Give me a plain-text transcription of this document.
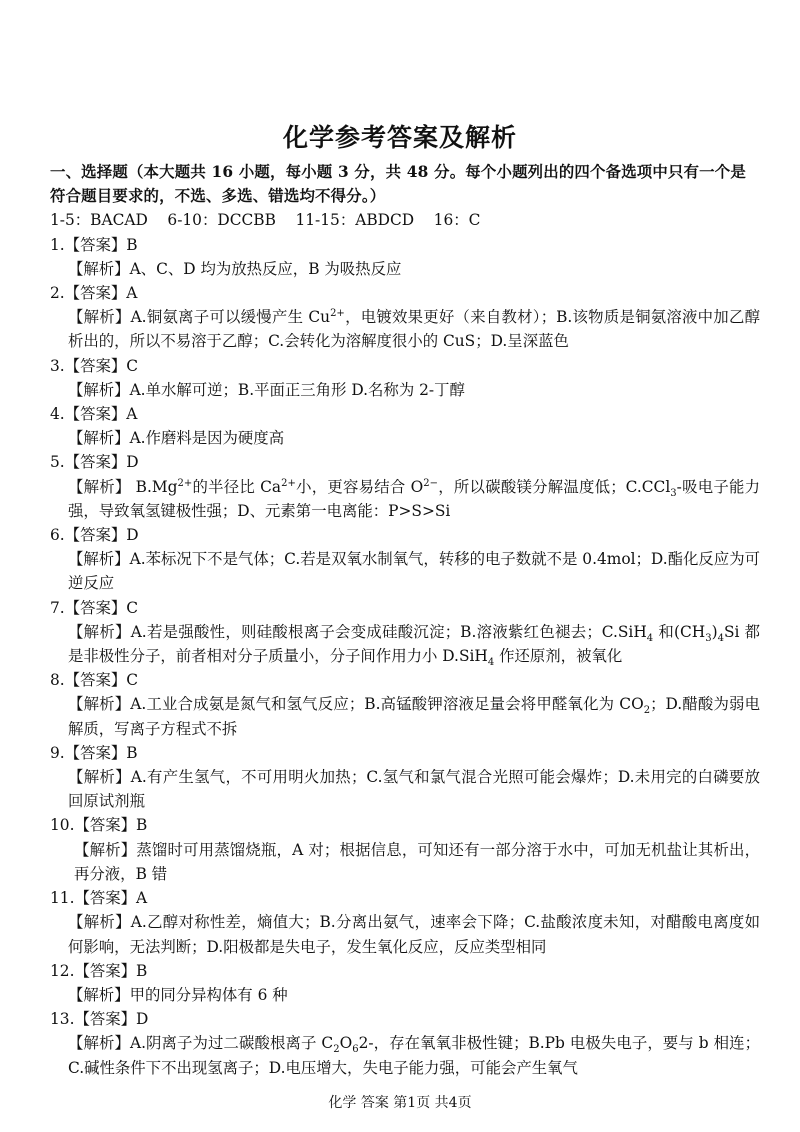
化学参考答案及解析
一、选择题（本大题共 16 小题，每小题 3 分，共 48 分。每个小题列出的四个备选项中只有一个是
符合题目要求的，不选、多选、错选均不得分。）
1-5：BACAD    6-10：DCCBB    11-15：ABDCD    16：C
1.【答案】B
【解析】A、C、D 均为放热反应，B 为吸热反应
2.【答案】A
【解析】A.铜氨离子可以缓慢产生 $Cu^{2+}$，电镀效果更好（来自教材）；B.该物质是铜氨溶液中加乙醇析出的，所以不易溶于乙醇；C.会转化为溶解度很小的 CuS；D.呈深蓝色
3.【答案】C
【解析】A.单水解可逆；B.平面正三角形 D.名称为 2-丁醇
4.【答案】A
【解析】A.作磨料是因为硬度高
5.【答案】D
【解析】 $B.Mg^{2+}$的半径比 $Ca^{2+}$小，更容易结合 $O^{2-}$，所以碳酸镁分解温度低；C.CCl$_3$-吸电子能力强，导致氧氢键极性强；D、元素第一电离能：P>S>Si
6.【答案】D
【解析】A.苯标况下不是气体；C.若是双氧水制氧气，转移的电子数就不是 0.4mol；D.酯化反应为可逆反应
7.【答案】C
【解析】A.若是强酸性，则硅酸根离子会变成硅酸沉淀；B.溶液紫红色褪去；C.SiH$_4$ 和$(CH_3)_4Si$ 都是非极性分子，前者相对分子质量小，分子间作用力小 D.SiH$_4$ 作还原剂，被氧化
8.【答案】C
【解析】A.工业合成氨是氮气和氢气反应；B.高锰酸钾溶液足量会将甲醛氧化为 $CO_2$；D.醋酸为弱电解质，写离子方程式不拆
9.【答案】B
【解析】A.有产生氢气，不可用明火加热；C.氢气和氯气混合光照可能会爆炸；D.未用完的白磷要放回原试剂瓶
10.【答案】B
【解析】蒸馏时可用蒸馏烧瓶，A 对；根据信息，可知还有一部分溶于水中，可加无机盐让其析出，再分液，B 错
11.【答案】A
【解析】A.乙醇对称性差，熵值大；B.分离出氨气，速率会下降；C.盐酸浓度未知，对醋酸电离度如何影响，无法判断；D.阳极都是失电子，发生氧化反应，反应类型相同
12.【答案】B
【解析】甲的同分异构体有 6 种
13.【答案】D
【解析】A.阴离子为过二碳酸根离子 $C_2O_62-$，存在氧氧非极性键；B.Pb 电极失电子，要与 b 相连；C.碱性条件下不出现氢离子；D.电压增大，失电子能力强，可能会产生氧气
化学 答案 第1页 共4页
